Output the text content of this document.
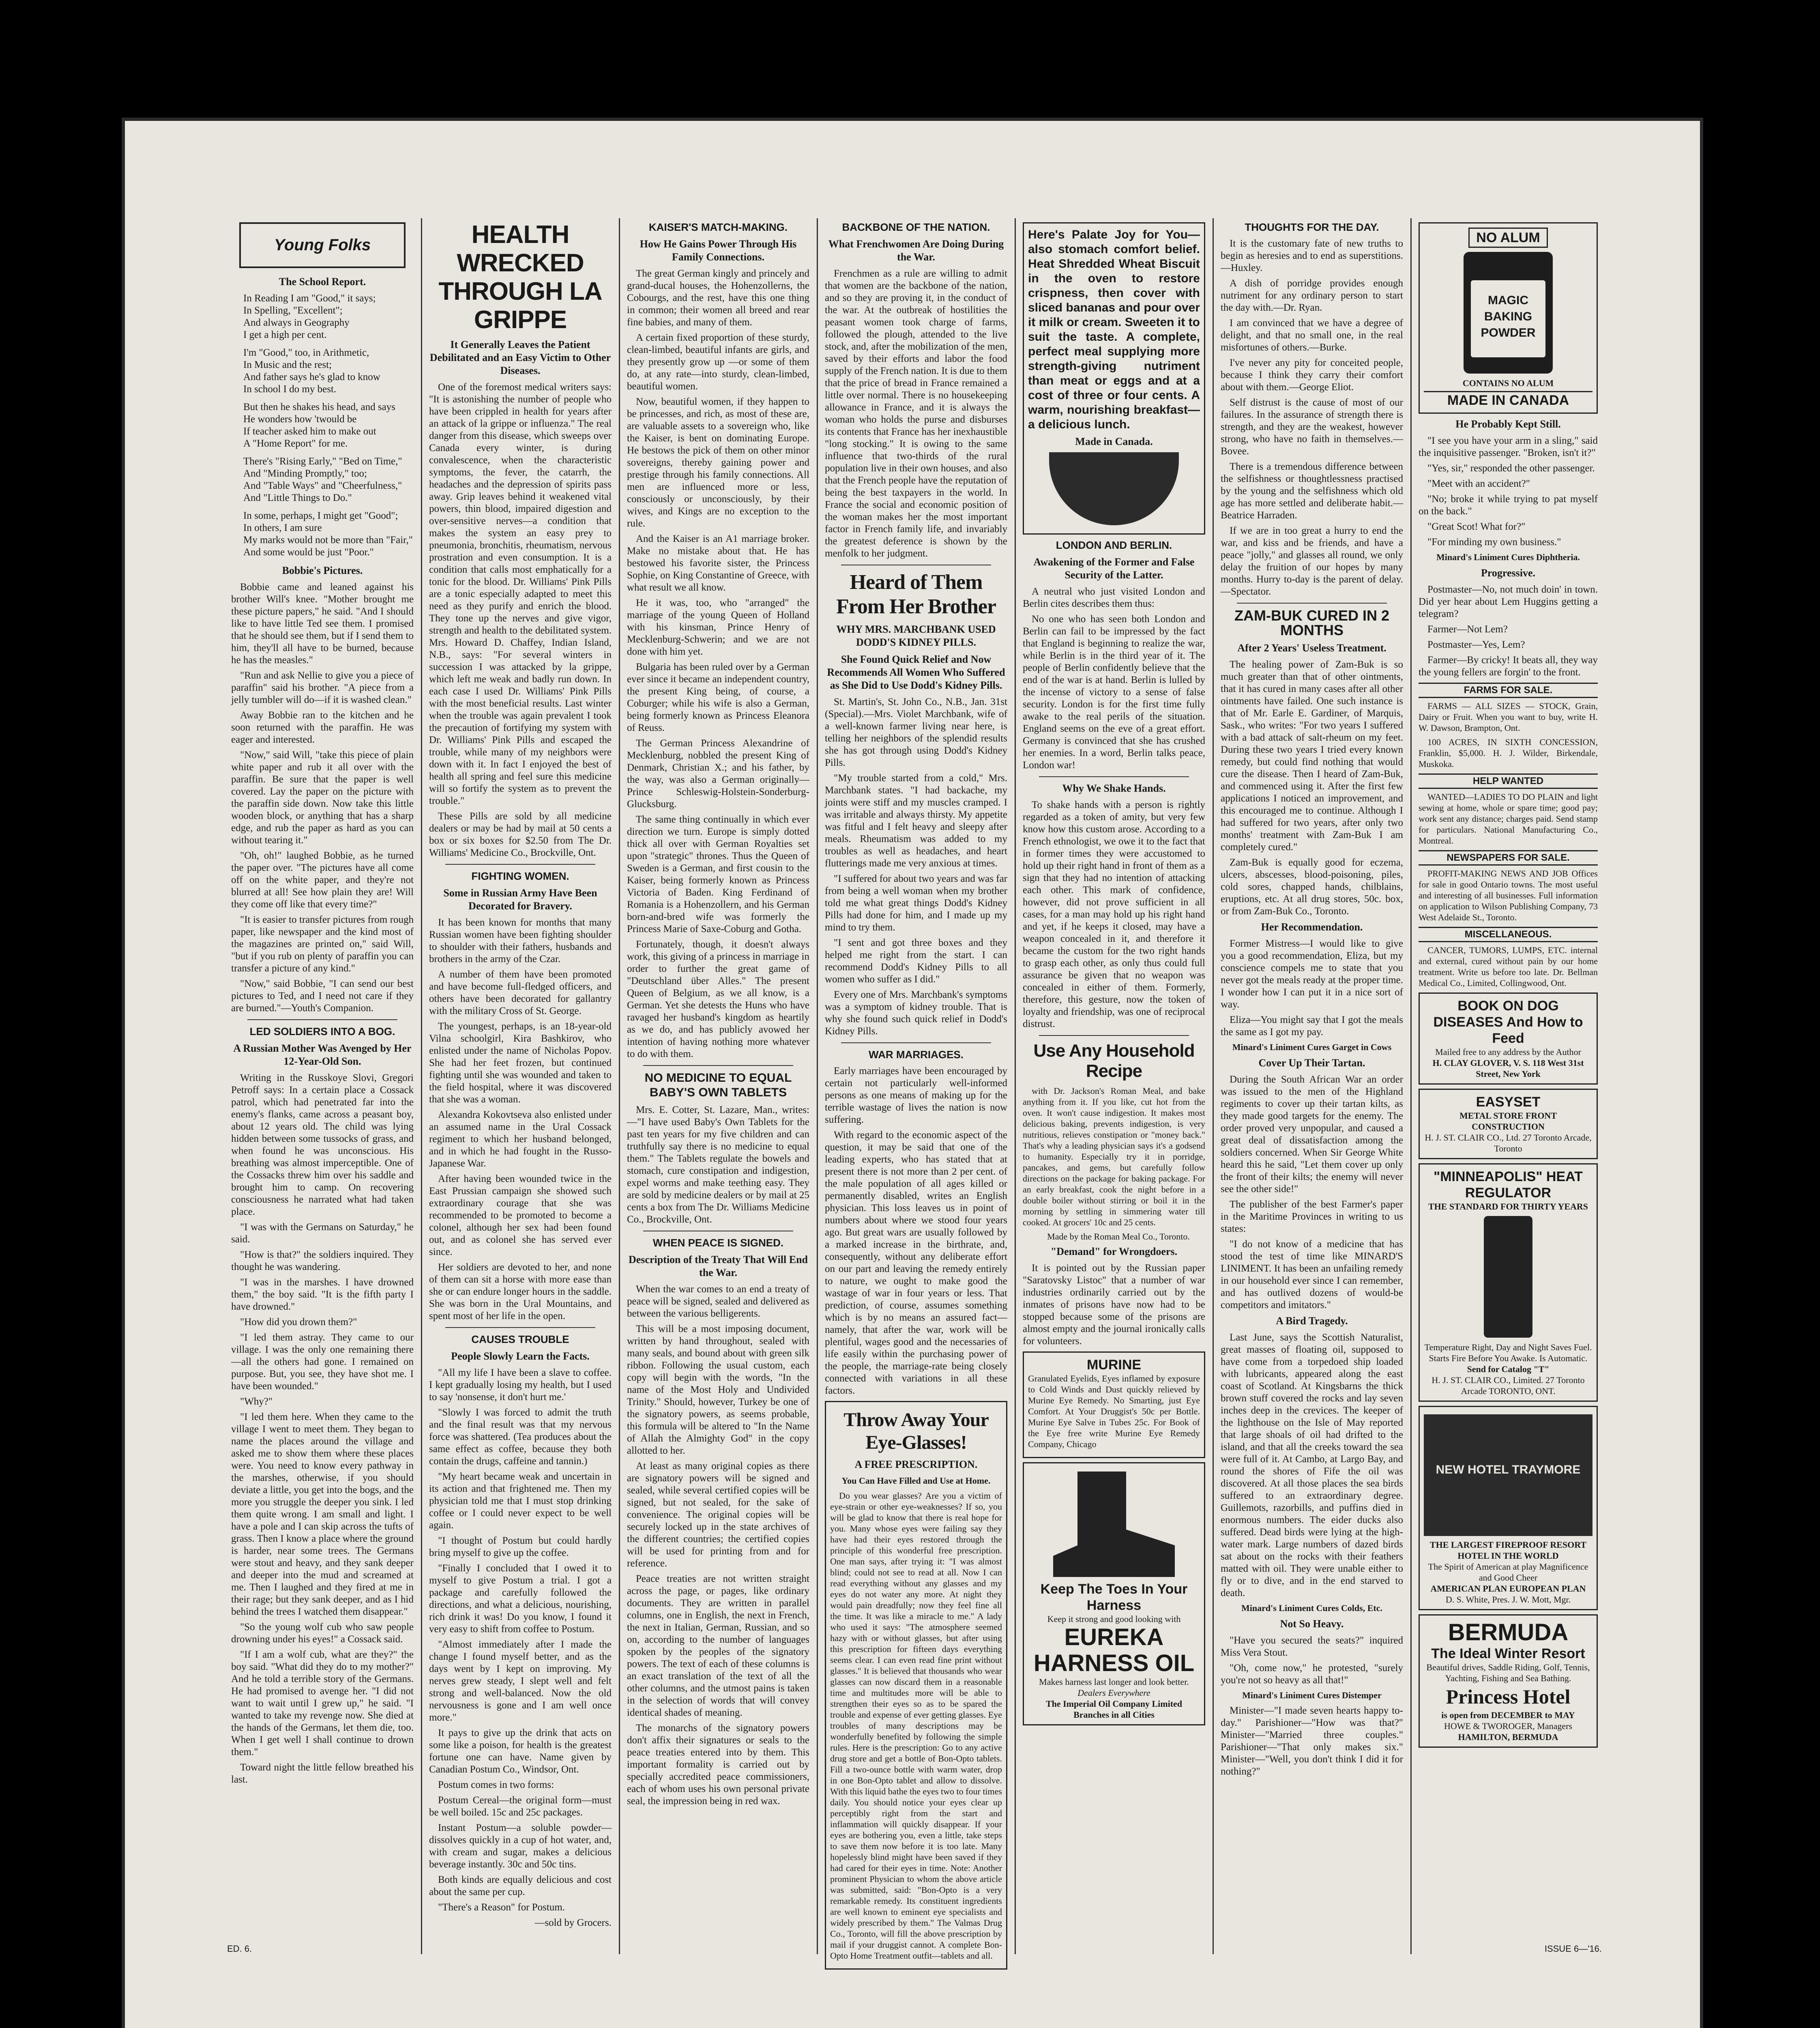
Young Folks
The School Report.
In Reading I am "Good," it says;
In Spelling, "Excellent";
And always in Geography
I get a high per cent.
I'm "Good," too, in Arithmetic,
In Music and the rest;
And father says he's glad to know
In school I do my best.
But then he shakes his head, and says
He wonders how 'twould be
If teacher asked him to make out
A "Home Report" for me.
There's "Rising Early," "Bed on Time,"
And "Minding Promptly," too;
And "Table Ways" and "Cheerfulness,"
And "Little Things to Do."
In some, perhaps, I might get "Good";
In others, I am sure
My marks would not be more than "Fair,"
And some would be just "Poor."
Bobbie's Pictures.

Bobbie came and leaned against his brother Will's knee. "Mother brought me these picture papers," he said. "And I should like to have little Ted see them. I promised that he should see them, but if I send them to him, they'll all have to be burned, because he has the measles."

"Run and ask Nellie to give you a piece of paraffin" said his brother. "A piece from a jelly tumbler will do—if it is washed clean."

Away Bobbie ran to the kitchen and he soon returned with the paraffin. He was eager and interested.

"Now," said Will, "take this piece of plain white paper and rub it all over with the paraffin. Be sure that the paper is well covered. Lay the paper on the picture with the paraffin side down. Now take this little wooden block, or anything that has a sharp edge, and rub the paper as hard as you can without tearing it."

"Oh, oh!" laughed Bobbie, as he turned the paper over. "The pictures have all come off on the white paper, and they're not blurred at all! See how plain they are! Will they come off like that every time?"

"It is easier to transfer pictures from rough paper, like newspaper and the kind most of the magazines are printed on," said Will, "but if you rub on plenty of paraffin you can transfer a picture of any kind."

"Now," said Bobbie, "I can send our best pictures to Ted, and I need not care if they are burned."—Youth's Companion.

LED SOLDIERS INTO A BOG.
A Russian Mother Was Avenged by Her 12-Year-Old Son.

Writing in the Russkoye Slovi, Gregori Petroff says: In a certain place a Cossack patrol, which had penetrated far into the enemy's flanks, came across a peasant boy, about 12 years old. The child was lying hidden between some tussocks of grass, and when found he was unconscious. His breathing was almost imperceptible. One of the Cossacks threw him over his saddle and brought him to camp. On recovering consciousness he narrated what had taken place.

"I was with the Germans on Saturday," he said.

"How is that?" the soldiers inquired. They thought he was wandering.

"I was in the marshes. I have drowned them," the boy said. "It is the fifth party I have drowned."

"How did you drown them?"

"I led them astray. They came to our village. I was the only one remaining there—all the others had gone. I remained on purpose. But, you see, they have shot me. I have been wounded."

"Why?"

"I led them here. When they came to the village I went to meet them. They began to name the places around the village and asked me to show them where these places were. You need to know every pathway in the marshes, otherwise, if you should deviate a little, you get into the bogs, and the more you struggle the deeper you sink. I led them quite wrong. I am small and light. I have a pole and I can skip across the tufts of grass. Then I know a place where the ground is harder, near some trees. The Germans were stout and heavy, and they sank deeper and deeper into the mud and screamed at me. Then I laughed and they fired at me in their rage; but they sank deeper, and as I hid behind the trees I watched them disappear."

"So the young wolf cub who saw people drowning under his eyes!" a Cossack said.

"If I am a wolf cub, what are they?" the boy said. "What did they do to my mother?" And he told a terrible story of the Germans. He had promised to avenge her. "I did not want to wait until I grew up," he said. "I wanted to take my revenge now. She died at the hands of the Germans, let them die, too. When I get well I shall continue to drown them."

Toward night the little fellow breathed his last.

HEALTH WRECKED THROUGH LA GRIPPE
It Generally Leaves the Patient Debilitated and an Easy Victim to Other Diseases.

One of the foremost medical writers says: "It is astonishing the number of people who have been crippled in health for years after an attack of la grippe or influenza." The real danger from this disease, which sweeps over Canada every winter, is during convalescence, when the characteristic symptoms, the fever, the catarrh, the headaches and the depression of spirits pass away. Grip leaves behind it weakened vital powers, thin blood, impaired digestion and over-sensitive nerves—a condition that makes the system an easy prey to pneumonia, bronchitis, rheumatism, nervous prostration and even consumption. It is a condition that calls most emphatically for a tonic for the blood. Dr. Williams' Pink Pills are a tonic especially adapted to meet this need as they purify and enrich the blood. They tone up the nerves and give vigor, strength and health to the debilitated system. Mrs. Howard D. Chaffey, Indian Island, N.B., says: "For several winters in succession I was attacked by la grippe, which left me weak and badly run down. In each case I used Dr. Williams' Pink Pills with the most beneficial results. Last winter when the trouble was again prevalent I took the precaution of fortifying my system with Dr. Williams' Pink Pills and escaped the trouble, while many of my neighbors were down with it. In fact I enjoyed the best of health all spring and feel sure this medicine will so fortify the system as to prevent the trouble."

These Pills are sold by all medicine dealers or may be had by mail at 50 cents a box or six boxes for $2.50 from The Dr. Williams' Medicine Co., Brockville, Ont.

FIGHTING WOMEN.
Some in Russian Army Have Been Decorated for Bravery.

It has been known for months that many Russian women have been fighting shoulder to shoulder with their fathers, husbands and brothers in the army of the Czar.

A number of them have been promoted and have become full-fledged officers, and others have been decorated for gallantry with the military Cross of St. George.

The youngest, perhaps, is an 18-year-old Vilna schoolgirl, Kira Bashkirov, who enlisted under the name of Nicholas Popov. She had her feet frozen, but continued fighting until she was wounded and taken to the field hospital, where it was discovered that she was a woman.

Alexandra Kokovtseva also enlisted under an assumed name in the Ural Cossack regiment to which her husband belonged, and in which he had fought in the Russo-Japanese War.

After having been wounded twice in the East Prussian campaign she showed such extraordinary courage that she was recommended to be promoted to become a colonel, although her sex had been found out, and as colonel she has served ever since.

Her soldiers are devoted to her, and none of them can sit a horse with more ease than she or can endure longer hours in the saddle. She was born in the Ural Mountains, and spent most of her life in the open.

CAUSES TROUBLE
People Slowly Learn the Facts.

"All my life I have been a slave to coffee. I kept gradually losing my health, but I used to say 'nonsense, it don't hurt me.'

"Slowly I was forced to admit the truth and the final result was that my nervous force was shattered. (Tea produces about the same effect as coffee, because they both contain the drugs, caffeine and tannin.)

"My heart became weak and uncertain in its action and that frightened me. Then my physician told me that I must stop drinking coffee or I could never expect to be well again.

"I thought of Postum but could hardly bring myself to give up the coffee.

"Finally I concluded that I owed it to myself to give Postum a trial. I got a package and carefully followed the directions, and what a delicious, nourishing, rich drink it was! Do you know, I found it very easy to shift from coffee to Postum.

"Almost immediately after I made the change I found myself better, and as the days went by I kept on improving. My nerves grew steady, I slept well and felt strong and well-balanced. Now the old nervousness is gone and I am well once more."

It pays to give up the drink that acts on some like a poison, for health is the greatest fortune one can have. Name given by Canadian Postum Co., Windsor, Ont.

Postum comes in two forms:

Postum Cereal—the original form—must be well boiled. 15c and 25c packages.

Instant Postum—a soluble powder—dissolves quickly in a cup of hot water, and, with cream and sugar, makes a delicious beverage instantly. 30c and 50c tins.

Both kinds are equally delicious and cost about the same per cup.

"There's a Reason" for Postum.

—sold by Grocers.

KAISER'S MATCH-MAKING.
How He Gains Power Through His Family Connections.

The great German kingly and princely and grand-ducal houses, the Hohenzollerns, the Cobourgs, and the rest, have this one thing in common; their women all breed and rear fine babies, and many of them.

A certain fixed proportion of these sturdy, clean-limbed, beautiful infants are girls, and they presently grow up —or some of them do, at any rate—into sturdy, clean-limbed, beautiful women.

Now, beautiful women, if they happen to be princesses, and rich, as most of these are, are valuable assets to a sovereign who, like the Kaiser, is bent on dominating Europe. He bestows the pick of them on other minor sovereigns, thereby gaining power and prestige through his family connections. All men are influenced more or less, consciously or unconsciously, by their wives, and Kings are no exception to the rule.

And the Kaiser is an A1 marriage broker. Make no mistake about that. He has bestowed his favorite sister, the Princess Sophie, on King Constantine of Greece, with what result we all know.

He it was, too, who "arranged" the marriage of the young Queen of Holland with his kinsman, Prince Henry of Mecklenburg-Schwerin; and we are not done with him yet.

Bulgaria has been ruled over by a German ever since it became an independent country, the present King being, of course, a Coburger; while his wife is also a German, being formerly known as Princess Eleanora of Reuss.

The German Princess Alexandrine of Mecklenburg, nobbled the present King of Denmark, Christian X.; and his father, by the way, was also a German originally—Prince Schleswig-Holstein-Sonderburg-Glucksburg.

The same thing continually in which ever direction we turn. Europe is simply dotted thick all over with German Royalties set upon "strategic" thrones. Thus the Queen of Sweden is a German, and first cousin to the Kaiser, being formerly known as Princess Victoria of Baden. King Ferdinand of Romania is a Hohenzollern, and his German born-and-bred wife was formerly the Princess Marie of Saxe-Coburg and Gotha.

Fortunately, though, it doesn't always work, this giving of a princess in marriage in order to further the great game of "Deutschland über Alles." The present Queen of Belgium, as we all know, is a German. Yet she detests the Huns who have ravaged her husband's kingdom as heartily as we do, and has publicly avowed her intention of having nothing more whatever to do with them.

NO MEDICINE TO EQUAL BABY'S OWN TABLETS

Mrs. E. Cotter, St. Lazare, Man., writes:—"I have used Baby's Own Tablets for the past ten years for my five children and can truthfully say there is no medicine to equal them." The Tablets regulate the bowels and stomach, cure constipation and indigestion, expel worms and make teething easy. They are sold by medicine dealers or by mail at 25 cents a box from The Dr. Williams Medicine Co., Brockville, Ont.

WHEN PEACE IS SIGNED.
Description of the Treaty That Will End the War.

When the war comes to an end a treaty of peace will be signed, sealed and delivered as between the various belligerents.

This will be a most imposing document, written by hand throughout, sealed with many seals, and bound about with green silk ribbon. Following the usual custom, each copy will begin with the words, "In the name of the Most Holy and Undivided Trinity." Should, however, Turkey be one of the signatory powers, as seems probable, this formula will be altered to "In the Name of Allah the Almighty God" in the copy allotted to her.

At least as many original copies as there are signatory powers will be signed and sealed, while several certified copies will be signed, but not sealed, for the sake of convenience. The original copies will be securely locked up in the state archives of the different countries; the certified copies will be used for printing from and for reference.

Peace treaties are not written straight across the page, or pages, like ordinary documents. They are written in parallel columns, one in English, the next in French, the next in Italian, German, Russian, and so on, according to the number of languages spoken by the peoples of the signatory powers. The text of each of these columns is an exact translation of the text of all the other columns, and the utmost pains is taken in the selection of words that will convey identical shades of meaning.

The monarchs of the signatory powers don't affix their signatures or seals to the peace treaties entered into by them. This important formality is carried out by specially accredited peace commissioners, each of whom uses his own personal private seal, the impression being in red wax.

BACKBONE OF THE NATION.
What Frenchwomen Are Doing During the War.

Frenchmen as a rule are willing to admit that women are the backbone of the nation, and so they are proving it, in the conduct of the war. At the outbreak of hostilities the peasant women took charge of farms, followed the plough, attended to the live stock, and, after the mobilization of the men, saved by their efforts and labor the food supply of the French nation. It is due to them that the price of bread in France remained a little over normal. There is no housekeeping allowance in France, and it is always the woman who holds the purse and disburses its contents that France has her inexhaustible "long stocking." It is owing to the same influence that two-thirds of the rural population live in their own houses, and also that the French people have the reputation of being the best taxpayers in the world. In France the social and economic position of the woman makes her the most important factor in French family life, and invariably the greatest deference is shown by the menfolk to her judgment.

Heard of Them From Her Brother
WHY MRS. MARCHBANK USED DODD'S KIDNEY PILLS.
She Found Quick Relief and Now Recommends All Women Who Suffered as She Did to Use Dodd's Kidney Pills.

St. Martin's, St. John Co., N.B., Jan. 31st (Special).—Mrs. Violet Marchbank, wife of a well-known farmer living near here, is telling her neighbors of the splendid results she has got through using Dodd's Kidney Pills.

"My trouble started from a cold," Mrs. Marchbank states. "I had backache, my joints were stiff and my muscles cramped. I was irritable and always thirsty. My appetite was fitful and I felt heavy and sleepy after meals. Rheumatism was added to my troubles as well as headaches, and heart flutterings made me very anxious at times.

"I suffered for about two years and was far from being a well woman when my brother told me what great things Dodd's Kidney Pills had done for him, and I made up my mind to try them.

"I sent and got three boxes and they helped me right from the start. I can recommend Dodd's Kidney Pills to all women who suffer as I did."

Every one of Mrs. Marchbank's symptoms was a symptom of kidney trouble. That is why she found such quick relief in Dodd's Kidney Pills.

WAR MARRIAGES.

Early marriages have been encouraged by certain not particularly well-informed persons as one means of making up for the terrible wastage of lives the nation is now suffering.

With regard to the economic aspect of the question, it may be said that one of the leading experts, who has stated that at present there is not more than 2 per cent. of the male population of all ages killed or permanently disabled, writes an English physician. This loss leaves us in point of numbers about where we stood four years ago. But great wars are usually followed by a marked increase in the birthrate, and, consequently, without any deliberate effort on our part and leaving the remedy entirely to nature, we ought to make good the wastage of war in four years or less. That prediction, of course, assumes something which is by no means an assured fact—namely, that after the war, work will be plentiful, wages good and the necessaries of life easily within the purchasing power of the people, the marriage-rate being closely connected with variations in all these factors.

Throw Away Your Eye-Glasses!
A FREE PRESCRIPTION.
You Can Have Filled and Use at Home.

Do you wear glasses? Are you a victim of eye-strain or other eye-weaknesses? If so, you will be glad to know that there is real hope for you. Many whose eyes were failing say they have had their eyes restored through the principle of this wonderful free prescription. One man says, after trying it: "I was almost blind; could not see to read at all. Now I can read everything without any glasses and my eyes do not water any more. At night they would pain dreadfully; now they feel fine all the time. It was like a miracle to me." A lady who used it says: "The atmosphere seemed hazy with or without glasses, but after using this prescription for fifteen days everything seems clear. I can even read fine print without glasses." It is believed that thousands who wear glasses can now discard them in a reasonable time and multitudes more will be able to strengthen their eyes so as to be spared the trouble and expense of ever getting glasses. Eye troubles of many descriptions may be wonderfully benefited by following the simple rules. Here is the prescription: Go to any active drug store and get a bottle of Bon-Opto tablets. Fill a two-ounce bottle with warm water, drop in one Bon-Opto tablet and allow to dissolve. With this liquid bathe the eyes two to four times daily. You should notice your eyes clear up perceptibly right from the start and inflammation will quickly disappear. If your eyes are bothering you, even a little, take steps to save them now before it is too late. Many hopelessly blind might have been saved if they had cared for their eyes in time. Note: Another prominent Physician to whom the above article was submitted, said: "Bon-Opto is a very remarkable remedy. Its constituent ingredients are well known to eminent eye specialists and widely prescribed by them." The Valmas Drug Co., Toronto, will fill the above prescription by mail if your druggist cannot. A complete Bon-Opto Home Treatment outfit—tablets and all.

Here's Palate Joy for You—also stomach comfort belief. Heat Shredded Wheat Biscuit in the oven to restore crispness, then cover with sliced bananas and pour over it milk or cream. Sweeten it to suit the taste. A complete, perfect meal supplying more strength-giving nutriment than meat or eggs and at a cost of three or four cents. A warm, nourishing breakfast—a delicious lunch.

Made in Canada.
LONDON AND BERLIN.
Awakening of the Former and False Security of the Latter.

A neutral who just visited London and Berlin cites describes them thus:

No one who has seen both London and Berlin can fail to be impressed by the fact that England is beginning to realize the war, while Berlin is in the third year of it. The people of Berlin confidently believe that the end of the war is at hand. Berlin is lulled by the incense of victory to a sense of false security. London is for the first time fully awake to the real perils of the situation. England seems on the eve of a great effort. Germany is convinced that she has crushed her enemies. In a word, Berlin talks peace, London war!

Why We Shake Hands.

To shake hands with a person is rightly regarded as a token of amity, but very few know how this custom arose. According to a French ethnologist, we owe it to the fact that in former times they were accustomed to hold up their right hand in front of them as a sign that they had no intention of attacking each other. This mark of confidence, however, did not prove sufficient in all cases, for a man may hold up his right hand and yet, if he keeps it closed, may have a weapon concealed in it, and therefore it became the custom for the two right hands to grasp each other, as only thus could full assurance be given that no weapon was concealed in either of them. Formerly, therefore, this gesture, now the token of loyalty and friendship, was one of reciprocal distrust.

Use Any Household Recipe

with Dr. Jackson's Roman Meal, and bake anything from it. If you like, cut hot from the oven. It won't cause indigestion. It makes most delicious baking, prevents indigestion, is very nutritious, relieves constipation or "money back." That's why a leading physician says it's a godsend to humanity. Especially try it in porridge, pancakes, and gems, but carefully follow directions on the package for baking package. For an early breakfast, cook the night before in a double boiler without stirring or boil it in the morning by settling in simmering water till cooked. At grocers' 10c and 25 cents.

Made by the Roman Meal Co., Toronto.

"Demand" for Wrongdoers.

It is pointed out by the Russian paper "Saratovsky Listoc" that a number of war industries ordinarily carried out by the inmates of prisons have now had to be stopped because some of the prisons are almost empty and the journal ironically calls for volunteers.

MURINE

Granulated Eyelids, Eyes inflamed by exposure to Cold Winds and Dust quickly relieved by Murine Eye Remedy. No Smarting, just Eye Comfort. At Your Druggist's 50c per Bottle. Murine Eye Salve in Tubes 25c. For Book of the Eye free write Murine Eye Remedy Company, Chicago

Keep The Toes In Your Harness
Keep it strong and good looking with
EUREKA HARNESS OIL
Makes harness last longer and look better.
Dealers Everywhere
The Imperial Oil Company Limited
Branches in all Cities
THOUGHTS FOR THE DAY.

It is the customary fate of new truths to begin as heresies and to end as superstitions.—Huxley.

A dish of porridge provides enough nutriment for any ordinary person to start the day with.—Dr. Ryan.

I am convinced that we have a degree of delight, and that no small one, in the real misfortunes of others.—Burke.

I've never any pity for conceited people, because I think they carry their comfort about with them.—George Eliot.

Self distrust is the cause of most of our failures. In the assurance of strength there is strength, and they are the weakest, however strong, who have no faith in themselves.—Bovee.

There is a tremendous difference between the selfishness or thoughtlessness practised by the young and the selfishness which old age has more settled and deliberate habit.—Beatrice Harraden.

If we are in too great a hurry to end the war, and kiss and be friends, and have a peace "jolly," and glasses all round, we only delay the fruition of our hopes by many months. Hurry to-day is the parent of delay.—Spectator.

ZAM-BUK CURED IN 2 MONTHS
After 2 Years' Useless Treatment.

The healing power of Zam-Buk is so much greater than that of other ointments, that it has cured in many cases after all other ointments have failed. One such instance is that of Mr. Earle E. Gardiner, of Marquis, Sask., who writes: "For two years I suffered with a bad attack of salt-rheum on my feet. During these two years I tried every known remedy, but could find nothing that would cure the disease. Then I heard of Zam-Buk, and commenced using it. After the first few applications I noticed an improvement, and this encouraged me to continue. Although I had suffered for two years, after only two months' treatment with Zam-Buk I am completely cured."

Zam-Buk is equally good for eczema, ulcers, abscesses, blood-poisoning, piles, cold sores, chapped hands, chilblains, eruptions, etc. At all drug stores, 50c. box, or from Zam-Buk Co., Toronto.

Her Recommendation.

Former Mistress—I would like to give you a good recommendation, Eliza, but my conscience compels me to state that you never got the meals ready at the proper time. I wonder how I can put it in a nice sort of way.

Eliza—You might say that I got the meals the same as I got my pay.

Minard's Liniment Cures Garget in Cows
Cover Up Their Tartan.

During the South African War an order was issued to the men of the Highland regiments to cover up their tartan kilts, as they made good targets for the enemy. The order proved very unpopular, and caused a great deal of dissatisfaction among the soldiers concerned. When Sir George White heard this he said, "Let them cover up only the front of their kilts; the enemy will never see the other side!"

The publisher of the best Farmer's paper in the Maritime Provinces in writing to us states:

"I do not know of a medicine that has stood the test of time like MINARD'S LINIMENT. It has been an unfailing remedy in our household ever since I can remember, and has outlived dozens of would-be competitors and imitators."

A Bird Tragedy.

Last June, says the Scottish Naturalist, great masses of floating oil, supposed to have come from a torpedoed ship loaded with lubricants, appeared along the east coast of Scotland. At Kingsbarns the thick brown stuff covered the rocks and lay seven inches deep in the crevices. The keeper of the lighthouse on the Isle of May reported that large shoals of oil had drifted to the island, and that all the creeks toward the sea were full of it. At Cambo, at Largo Bay, and round the shores of Fife the oil was discovered. At all those places the sea birds suffered to an extraordinary degree. Guillemots, razorbills, and puffins died in enormous numbers. The eider ducks also suffered. Dead birds were lying at the high-water mark. Large numbers of dazed birds sat about on the rocks with their feathers matted with oil. They were unable either to fly or to dive, and in the end starved to death.

Minard's Liniment Cures Colds, Etc.
Not So Heavy.

"Have you secured the seats?" inquired Miss Vera Stout.

"Oh, come now," he protested, "surely you're not so heavy as all that!"

Minard's Liniment Cures Distemper

Minister—"I made seven hearts happy to-day." Parishioner—"How was that?" Minister—"Married three couples." Parishioner—"That only makes six." Minister—"Well, you don't think I did it for nothing?"

NO ALUM
MAGIC BAKING POWDER
CONTAINS NO ALUM
MADE IN CANADA
He Probably Kept Still.

"I see you have your arm in a sling," said the inquisitive passenger. "Broken, isn't it?"

"Yes, sir," responded the other passenger.

"Meet with an accident?"

"No; broke it while trying to pat myself on the back."

"Great Scot! What for?"

"For minding my own business."

Minard's Liniment Cures Diphtheria.
Progressive.

Postmaster—No, not much doin' in town. Did yer hear about Lem Huggins getting a telegram?

Farmer—Not Lem?

Postmaster—Yes, Lem?

Farmer—By cricky! It beats all, they way the young fellers are forgin' to the front.

FARMS FOR SALE.

FARMS — ALL SIZES — STOCK, Grain, Dairy or Fruit. When you want to buy, write H. W. Dawson, Brampton, Ont.

100 ACRES, IN SIXTH CONCESSION, Franklin, $5,000. H. J. Wilder, Birkendale, Muskoka.

HELP WANTED

WANTED—LADIES TO DO PLAIN and light sewing at home, whole or spare time; good pay; work sent any distance; charges paid. Send stamp for particulars. National Manufacturing Co., Montreal.

NEWSPAPERS FOR SALE.

PROFIT-MAKING NEWS AND JOB Offices for sale in good Ontario towns. The most useful and interesting of all businesses. Full information on application to Wilson Publishing Company, 73 West Adelaide St., Toronto.

MISCELLANEOUS.

CANCER, TUMORS, LUMPS, ETC. internal and external, cured without pain by our home treatment. Write us before too late. Dr. Bellman Medical Co., Limited, Collingwood, Ont.

BOOK ON DOG DISEASES And How to Feed
Mailed free to any address by the Author
H. CLAY GLOVER, V. S. 118 West 31st Street, New York
EASYSET
METAL STORE FRONT CONSTRUCTION
H. J. ST. CLAIR CO., Ltd. 27 Toronto Arcade, Toronto
"MINNEAPOLIS" HEAT REGULATOR
THE STANDARD FOR THIRTY YEARS
Temperature Right, Day and Night Saves Fuel. Starts Fire Before You Awake. Is Automatic.
Send for Catalog "T"
H. J. ST. CLAIR CO., Limited. 27 Toronto Arcade TORONTO, ONT.
NEW HOTEL TRAYMORE
THE LARGEST FIREPROOF RESORT HOTEL IN THE WORLD
The Spirit of American at play Magnificence and Good Cheer
AMERICAN PLAN EUROPEAN PLAN
D. S. White, Pres. J. W. Mott, Mgr.
BERMUDA
The Ideal Winter Resort
Beautiful drives, Saddle Riding, Golf, Tennis, Yachting, Fishing and Sea Bathing.
Princess Hotel
is open from DECEMBER to MAY
HOWE & TWOROGER, Managers
HAMILTON, BERMUDA
ED. 6.	ISSUE 6—'16.
